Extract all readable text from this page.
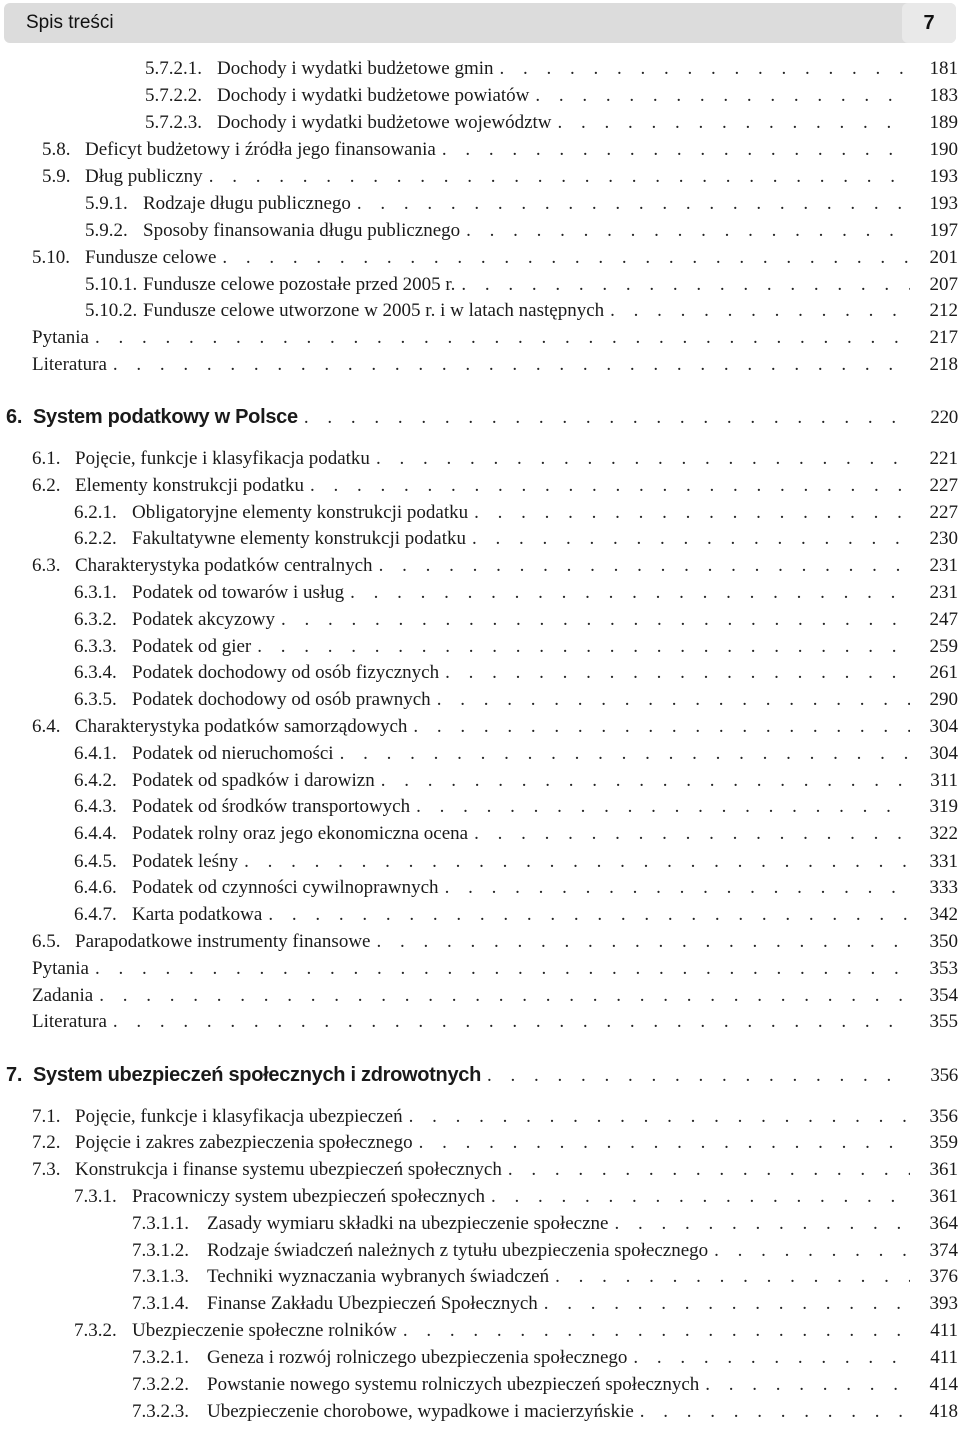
Spis treści	7
5.7.2.1. Dochody i wydatki budżetowe gmin . . .	181
5.7.2.2. Dochody i wydatki budżetowe powiatów . . .	183
5.7.2.3. Dochody i wydatki budżetowe województw . . .	189
5.8. Deficyt budżetowy i źródła jego finansowania . . .	190
5.9. Dług publiczny . . .	193
5.9.1. Rodzaje długu publicznego . . .	193
5.9.2. Sposoby finansowania długu publicznego . . .	197
5.10. Fundusze celowe . . .	201
5.10.1. Fundusze celowe pozostałe przed 2005 r. . . .	207
5.10.2. Fundusze celowe utworzone w 2005 r. i w latach następnych . . .	212
Pytania . . .	217
Literatura . . .	218
6. System podatkowy w Polsce . . .	220
6.1. Pojęcie, funkcje i klasyfikacja podatku . . .	221
6.2. Elementy konstrukcji podatku . . .	227
6.2.1. Obligatoryjne elementy konstrukcji podatku . . .	227
6.2.2. Fakultatywne elementy konstrukcji podatku . . .	230
6.3. Charakterystyka podatków centralnych . . .	231
6.3.1. Podatek od towarów i usług . . .	231
6.3.2. Podatek akcyzowy . . .	247
6.3.3. Podatek od gier . . .	259
6.3.4. Podatek dochodowy od osób fizycznych . . .	261
6.3.5. Podatek dochodowy od osób prawnych . . .	290
6.4. Charakterystyka podatków samorządowych . . .	304
6.4.1. Podatek od nieruchomości . . .	304
6.4.2. Podatek od spadków i darowizn . . .	311
6.4.3. Podatek od środków transportowych . . .	319
6.4.4. Podatek rolny oraz jego ekonomiczna ocena . . .	322
6.4.5. Podatek leśny . . .	331
6.4.6. Podatek od czynności cywilnoprawnych . . .	333
6.4.7. Karta podatkowa . . .	342
6.5. Parapodatkowe instrumenty finansowe . . .	350
Pytania . . .	353
Zadania . . .	354
Literatura . . .	355
7. System ubezpieczeń społecznych i zdrowotnych . . .	356
7.1. Pojęcie, funkcje i klasyfikacja ubezpieczeń . . .	356
7.2. Pojęcie i zakres zabezpieczenia społecznego . . .	359
7.3. Konstrukcja i finanse systemu ubezpieczeń społecznych . . .	361
7.3.1. Pracowniczy system ubezpieczeń społecznych . . .	361
7.3.1.1. Zasady wymiaru składki na ubezpieczenie społeczne . . .	364
7.3.1.2. Rodzaje świadczeń należnych z tytułu ubezpieczenia społecznego . . .	374
7.3.1.3. Techniki wyznaczania wybranych świadczeń . . .	376
7.3.1.4. Finanse Zakładu Ubezpieczeń Społecznych . . .	393
7.3.2. Ubezpieczenie społeczne rolników . . .	411
7.3.2.1. Geneza i rozwój rolniczego ubezpieczenia społecznego . . .	411
7.3.2.2. Powstanie nowego systemu rolniczych ubezpieczeń społecznych . . .	414
7.3.2.3. Ubezpieczenie chorobowe, wypadkowe i macierzyńskie . . .	418
